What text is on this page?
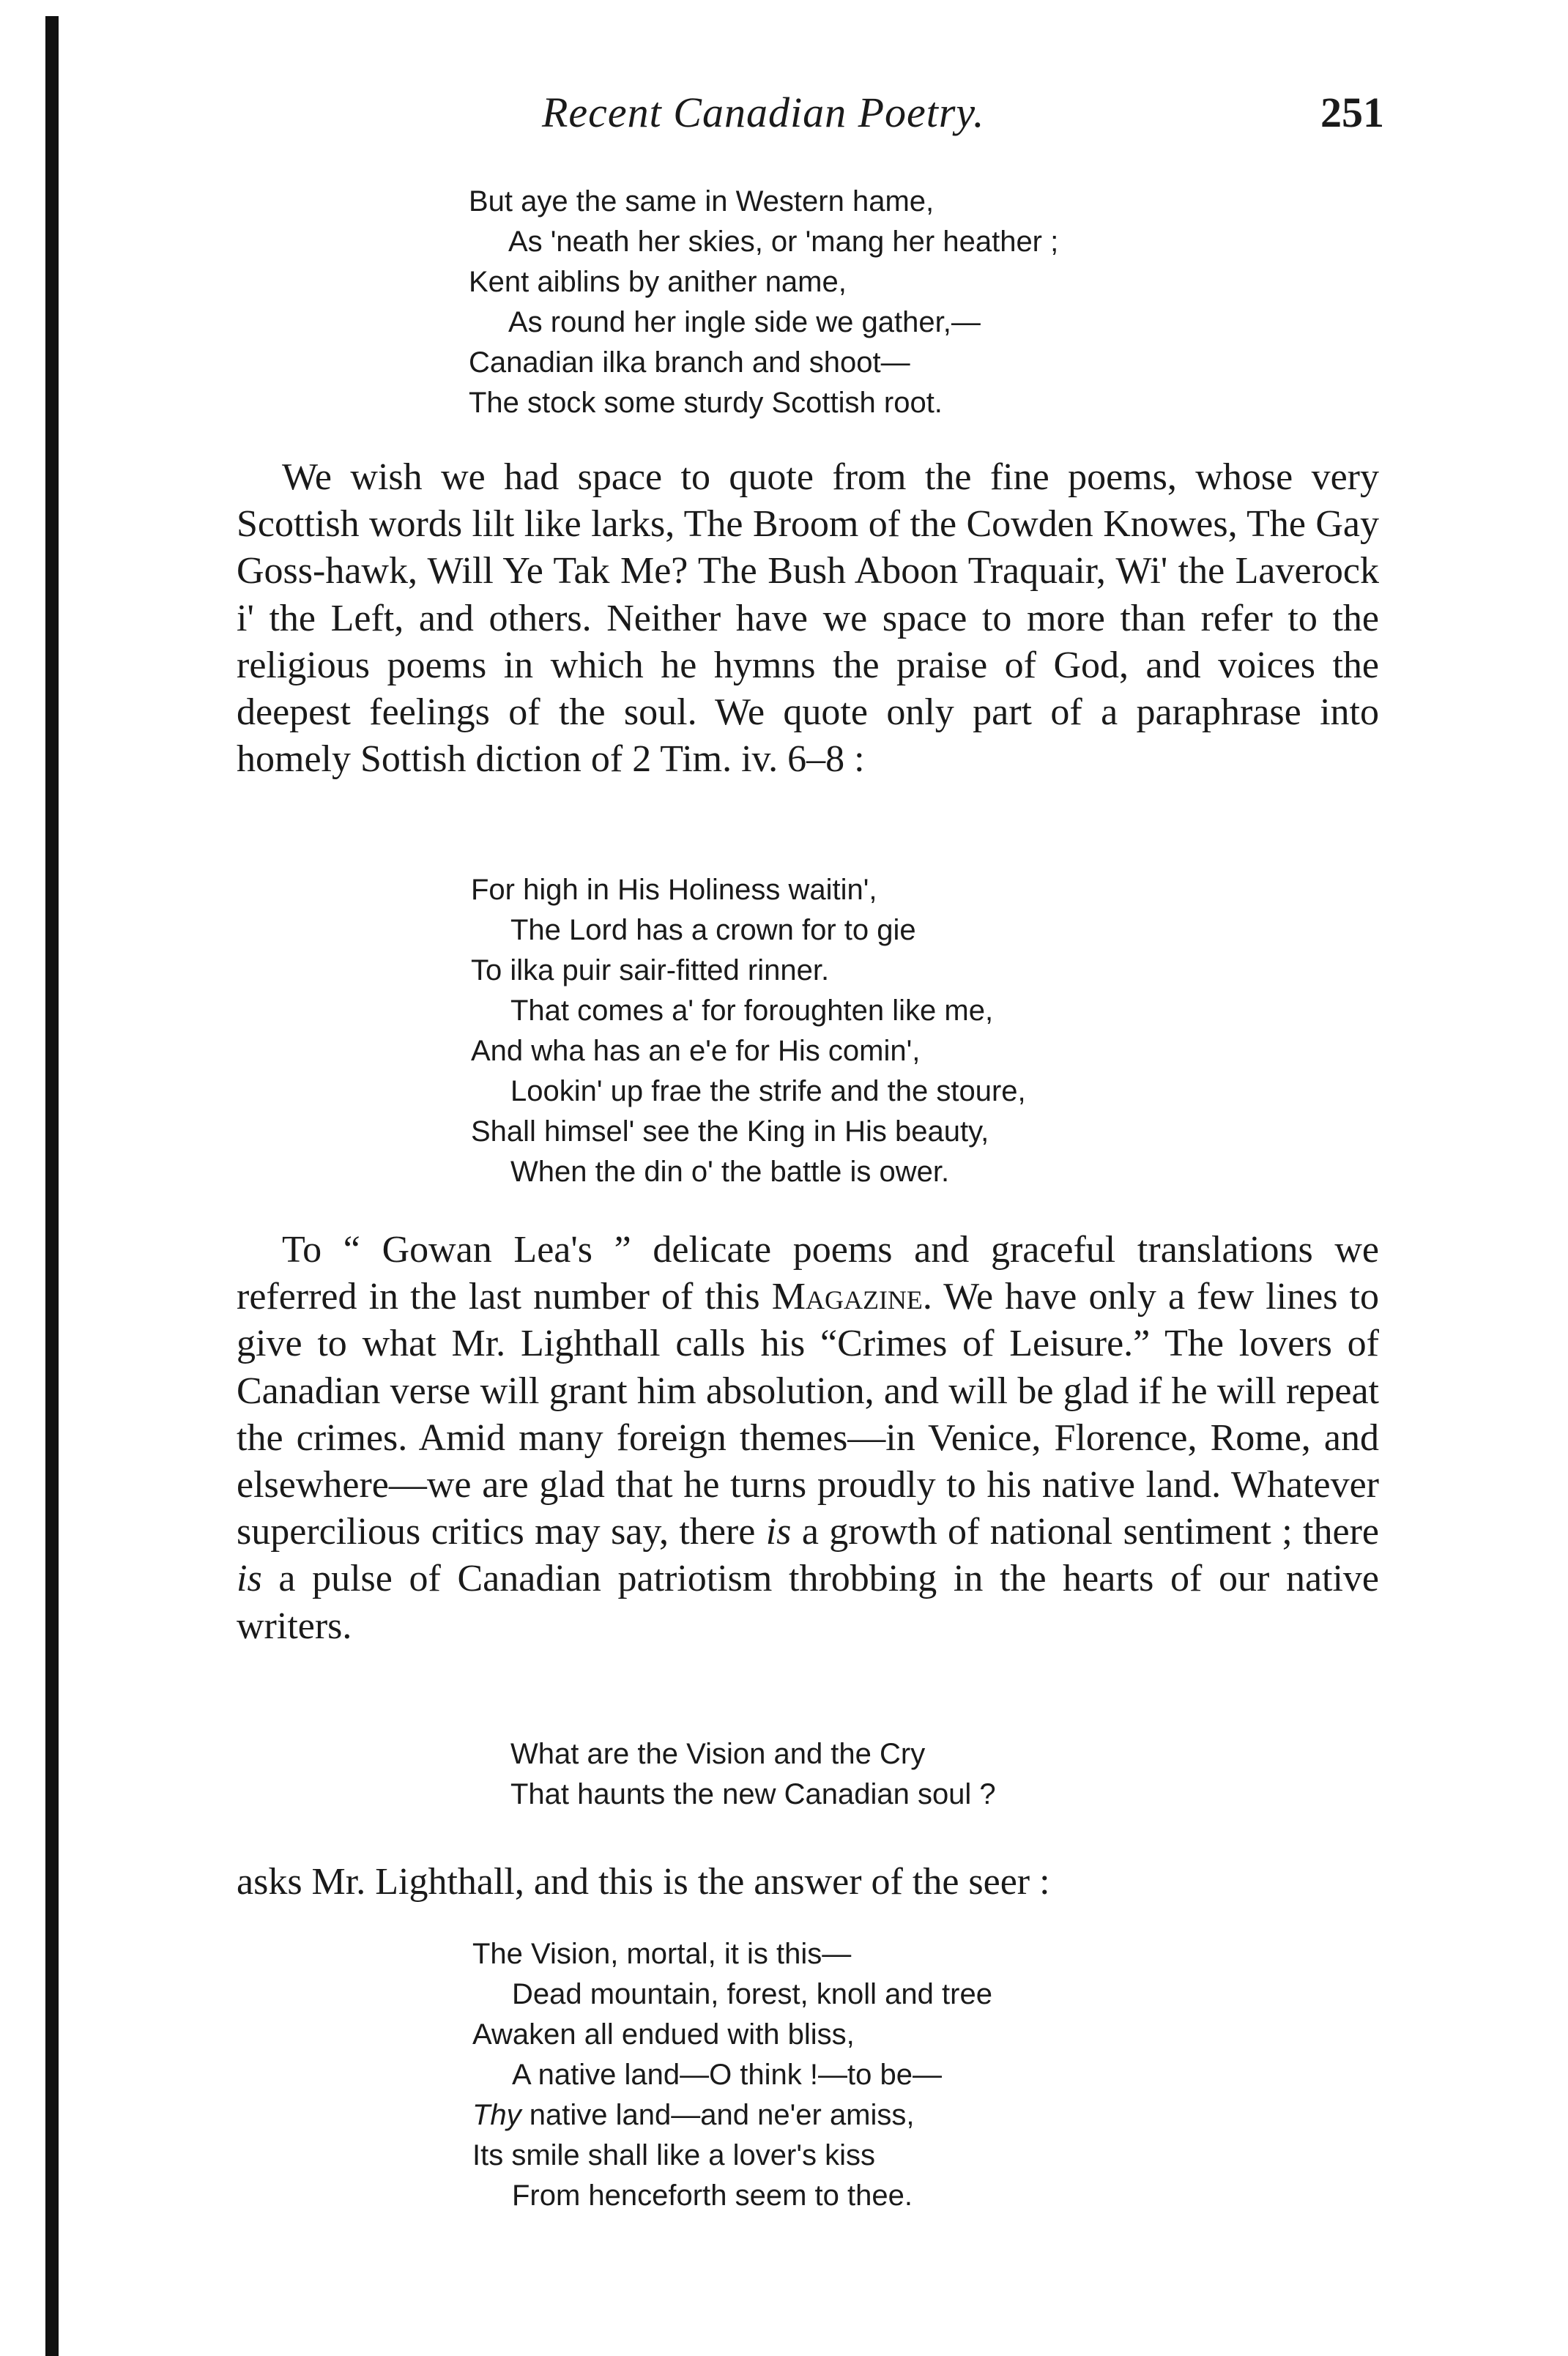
Recent Canadian Poetry.	251
But aye the same in Western hame,
As 'neath her skies, or 'mang her heather ;
Kent aiblins by anither name,
As round her ingle side we gather,—
Canadian ilka branch and shoot—
The stock some sturdy Scottish root.

We wish we had space to quote from the fine poems, whose very Scottish words lilt like larks, The Broom of the Cowden Knowes, The Gay Goss-hawk, Will Ye Tak Me? The Bush Aboon Traquair, Wi' the Laverock i' the Left, and others. Neither have we space to more than refer to the religious poems in which he hymns the praise of God, and voices the deepest feelings of the soul. We quote only part of a paraphrase into homely Sottish diction of 2 Tim. iv. 6–8 :

For high in His Holiness waitin',
The Lord has a crown for to gie
To ilka puir sair-fitted rinner.
That comes a' for foroughten like me,
And wha has an e'e for His comin',
Lookin' up frae the strife and the stoure,
Shall himsel' see the King in His beauty,
When the din o' the battle is ower.

To “ Gowan Lea's ” delicate poems and graceful translations we referred in the last number of this Magazine. We have only a few lines to give to what Mr. Lighthall calls his “Crimes of Leisure.” The lovers of Canadian verse will grant him absolution, and will be glad if he will repeat the crimes. Amid many foreign themes—in Venice, Florence, Rome, and elsewhere—we are glad that he turns proudly to his native land. Whatever supercilious critics may say, there is a growth of national sentiment ; there is a pulse of Canadian patriotism throbbing in the hearts of our native writers.

What are the Vision and the Cry
That haunts the new Canadian soul ?

asks Mr. Lighthall, and this is the answer of the seer :

The Vision, mortal, it is this—
Dead mountain, forest, knoll and tree
Awaken all endued with bliss,
A native land—O think !—to be—
Thy native land—and ne'er amiss,
Its smile shall like a lover's kiss
From henceforth seem to thee.
